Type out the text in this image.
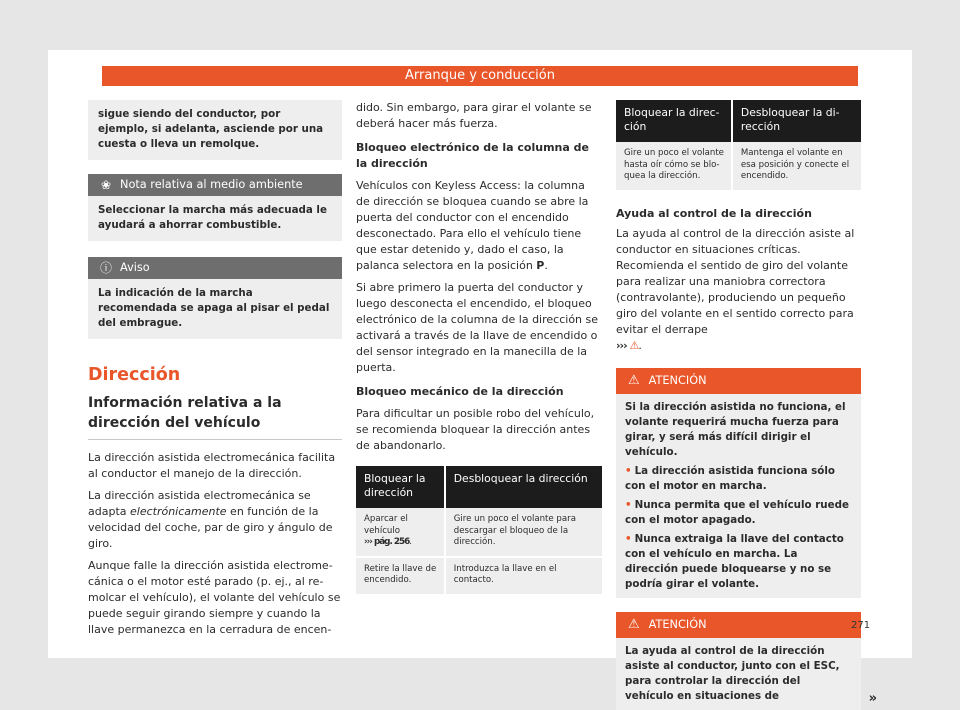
Arranque y conducción
sigue siendo del conductor, por ejemplo, si adelanta, asciende por una cuesta o lleva un remolque.
❀ Nota relativa al medio ambiente
Seleccionar la marcha más adecuada le ayudará a ahorrar combustible.
ⓘ Aviso
La indicación de la marcha recomendada se apaga al pisar el pedal del embrague.
Dirección
Información relativa a la dirección del vehículo

La dirección asistida electromecánica facilita al conductor el manejo de la dirección.

La dirección asistida electromecánica se adapta electrónicamente en función de la velocidad del coche, par de giro y ángulo de giro.

Aunque falle la dirección asistida electromecánica o el motor esté parado (p. ej., al remolcar el vehículo), el volante del vehículo se puede seguir girando siempre y cuando la llave permanezca en la cerradura de encen-

dido. Sin embargo, para girar el volante se deberá hacer más fuerza.

Bloqueo electrónico de la columna de la dirección

Vehículos con Keyless Access: la columna de dirección se bloquea cuando se abre la puerta del conductor con el encendido desconectado. Para ello el vehículo tiene que estar detenido y, dado el caso, la palanca selectora en la posición P.

Si abre primero la puerta del conductor y luego desconecta el encendido, el bloqueo electrónico de la columna de la dirección se activará a través de la llave de encendido o del sensor integrado en la manecilla de la puerta.

Bloqueo mecánico de la dirección

Para dificultar un posible robo del vehículo, se recomienda bloquear la dirección antes de abandonarlo.

Bloquear la dirección	Desbloquear la dirección
Aparcar el vehículo
››› pág. 256.	Gire un poco el volante para descargar el bloqueo de la dirección.
Retire la llave de encendido.	Introduzca la llave en el contacto.
Bloquear la dirección	Desbloquear la dirección
Gire un poco el volante hasta oír cómo se bloquea la dirección.	Mantenga el volante en esa posición y conecte el encendido.
Ayuda al control de la dirección

La ayuda al control de la dirección asiste al conductor en situaciones críticas. Recomienda el sentido de giro del volante para realizar una maniobra correctora (contravolante), produciendo un pequeño giro del volante en el sentido correcto para evitar el derrape
››› ⚠.

⚠ ATENCIÓN
Si la dirección asistida no funciona, el volante requerirá mucha fuerza para girar, y será más difícil dirigir el vehículo.
• La dirección asistida funciona sólo con el motor en marcha.
• Nunca permita que el vehículo ruede con el motor apagado.
• Nunca extraiga la llave del contacto con el vehículo en marcha. La dirección puede bloquearse y no se podría girar el volante.
⚠ ATENCIÓN
La ayuda al control de la dirección asiste al conductor, junto con el ESC, para controlar la dirección del vehículo en situaciones de	»
271
